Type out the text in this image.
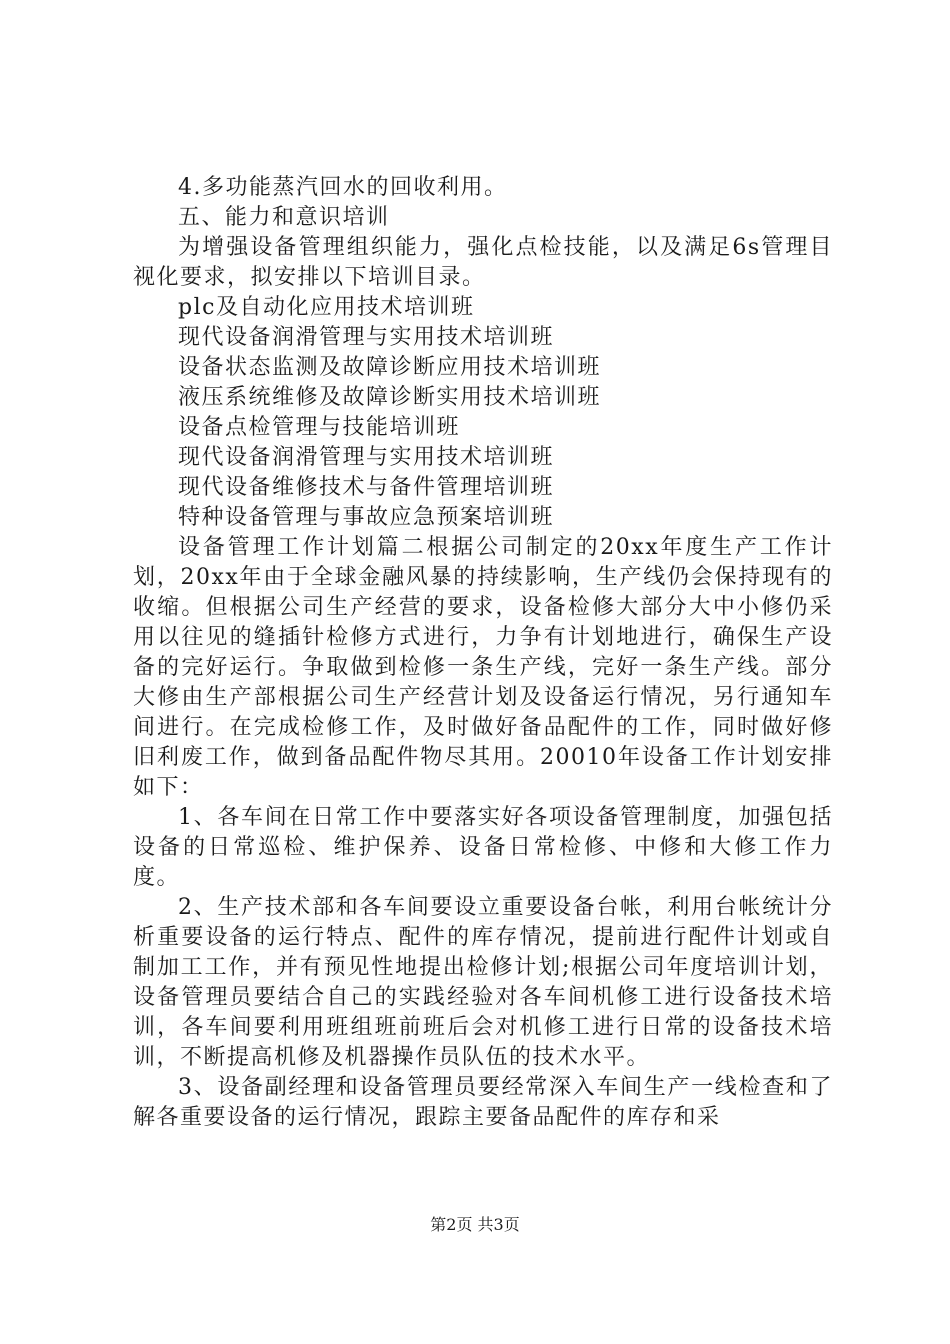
4.多功能蒸汽回水的回收利用。

五、能力和意识培训

为增强设备管理组织能力，强化点检技能，以及满足6s管理目视化要求，拟安排以下培训目录。

plc及自动化应用技术培训班

现代设备润滑管理与实用技术培训班

设备状态监测及故障诊断应用技术培训班

液压系统维修及故障诊断实用技术培训班

设备点检管理与技能培训班

现代设备润滑管理与实用技术培训班

现代设备维修技术与备件管理培训班

特种设备管理与事故应急预案培训班

设备管理工作计划篇二根据公司制定的20xx年度生产工作计划，20xx年由于全球金融风暴的持续影响，生产线仍会保持现有的收缩。但根据公司生产经营的要求，设备检修大部分大中小修仍采用以往见的缝插针检修方式进行，力争有计划地进行，确保生产设备的完好运行。争取做到检修一条生产线，完好一条生产线。部分大修由生产部根据公司生产经营计划及设备运行情况，另行通知车间进行。在完成检修工作，及时做好备品配件的工作，同时做好修旧利废工作，做到备品配件物尽其用。20010年设备工作计划安排如下：

1、各车间在日常工作中要落实好各项设备管理制度，加强包括设备的日常巡检、维护保养、设备日常检修、中修和大修工作力度。

2、生产技术部和各车间要设立重要设备台帐，利用台帐统计分析重要设备的运行特点、配件的库存情况，提前进行配件计划或自制加工工作，并有预见性地提出检修计划;根据公司年度培训计划，设备管理员要结合自己的实践经验对各车间机修工进行设备技术培训，各车间要利用班组班前班后会对机修工进行日常的设备技术培训，不断提高机修及机器操作员队伍的技术水平。

3、设备副经理和设备管理员要经常深入车间生产一线检查和了解各重要设备的运行情况，跟踪主要备品配件的库存和采

第2页 共3页
